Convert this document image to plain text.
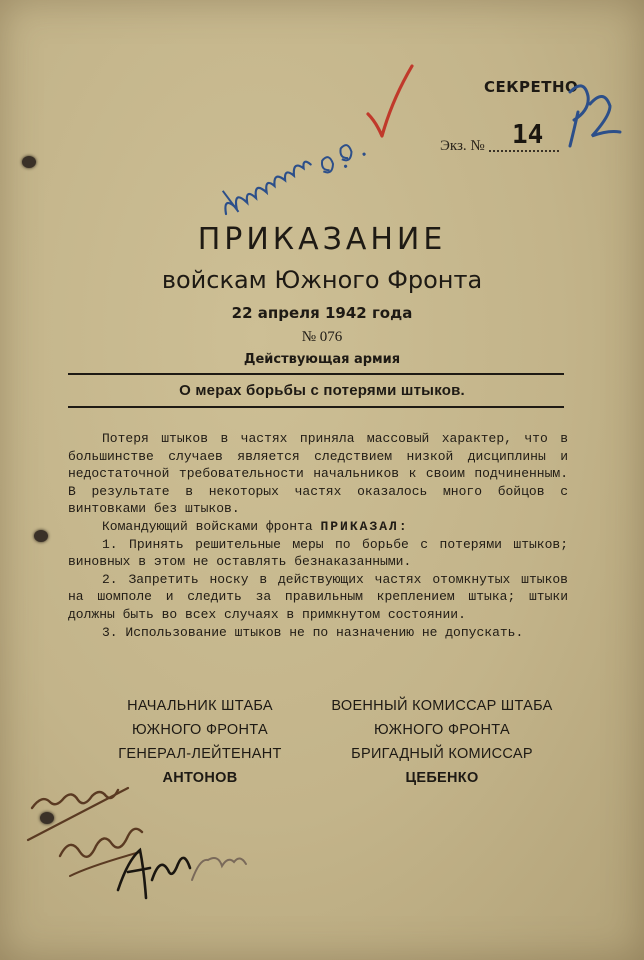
СЕКРЕТНО
Экз. №	14
ПРИКАЗАНИЕ
войскам Южного Фронта
22 апреля 1942 года
№ 076
Действующая армия
О мерах борьбы с потерями штыков.

Потеря штыков в частях приняла массовый характер, что в большинстве случаев является следствием низкой дисциплины и недостаточной требовательности начальников к своим подчиненным. В результате в некоторых частях оказалось много бойцов с винтовками без штыков.

Командующий войсками фронта ПРИКАЗАЛ:

1. Принять решительные меры по борьбе с потерями штыков; виновных в этом не оставлять безнаказанными.

2. Запретить носку в действующих частях отомкнутых штыков на шомполе и следить за правильным креплением штыка; штыки должны быть во всех случаях в примкнутом состоянии.

3. Использование штыков не по назначению не допускать.

НАЧАЛЬНИК ШТАБА
ЮЖНОГО ФРОНТА
ГЕНЕРАЛ-ЛЕЙТЕНАНТ
АНТОНОВ
ВОЕННЫЙ КОМИССАР ШТАБА
ЮЖНОГО ФРОНТА
БРИГАДНЫЙ КОМИССАР
ЦЕБЕНКО
